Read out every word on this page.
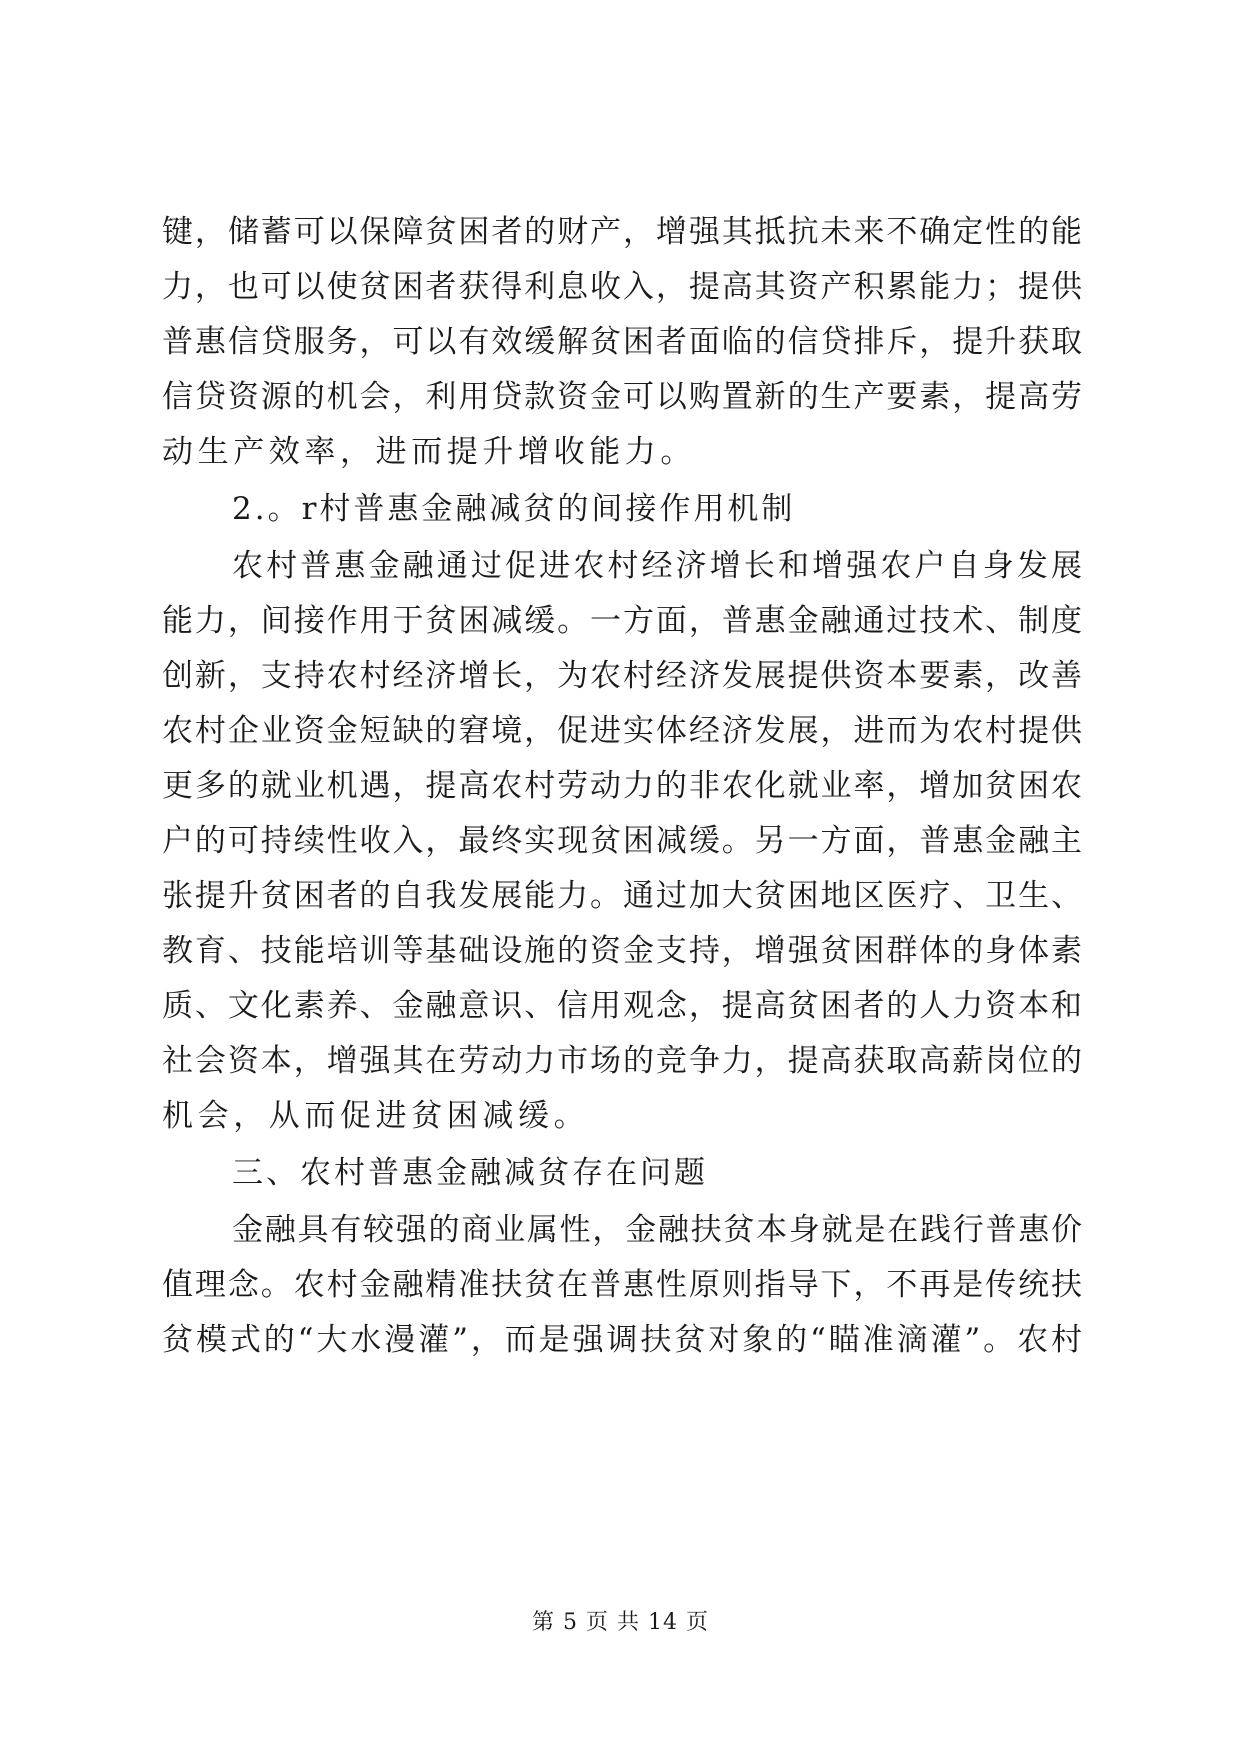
键，储蓄可以保障贫困者的财产，增强其抵抗未来不确定性的能
力，也可以使贫困者获得利息收入，提高其资产积累能力；提供
普惠信贷服务，可以有效缓解贫困者面临的信贷排斥，提升获取
信贷资源的机会，利用贷款资金可以购置新的生产要素，提高劳
动生产效率，进而提升增收能力。
2.。r村普惠金融减贫的间接作用机制
农村普惠金融通过促进农村经济增长和增强农户自身发展
能力，间接作用于贫困减缓。一方面，普惠金融通过技术、制度
创新，支持农村经济增长，为农村经济发展提供资本要素，改善
农村企业资金短缺的窘境，促进实体经济发展，进而为农村提供
更多的就业机遇，提高农村劳动力的非农化就业率，增加贫困农
户的可持续性收入，最终实现贫困减缓。另一方面，普惠金融主
张提升贫困者的自我发展能力。通过加大贫困地区医疗、卫生、
教育、技能培训等基础设施的资金支持，增强贫困群体的身体素
质、文化素养、金融意识、信用观念，提高贫困者的人力资本和
社会资本，增强其在劳动力市场的竞争力，提高获取高薪岗位的
机会，从而促进贫困减缓。
三、农村普惠金融减贫存在问题
金融具有较强的商业属性，金融扶贫本身就是在践行普惠价
值理念。农村金融精准扶贫在普惠性原则指导下，不再是传统扶
贫模式的“大水漫灌”，而是强调扶贫对象的“瞄准滴灌”。农村
第 5 页 共 14 页
